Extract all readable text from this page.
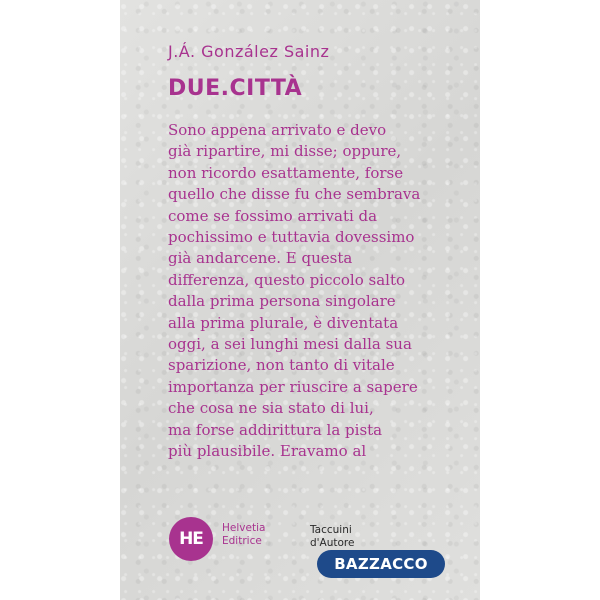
J.Á. González Sainz
DUE.CITTÀ
Sono appena arrivato e devo
già ripartire, mi disse; oppure,
non ricordo esattamente, forse
quello che disse fu che sembrava
come se fossimo arrivati da
pochissimo e tuttavia dovessimo
già andarcene. E questa
differenza, questo piccolo salto
dalla prima persona singolare
alla prima plurale, è diventata
oggi, a sei lunghi mesi dalla sua
sparizione, non tanto di vitale
importanza per riuscire a sapere
che cosa ne sia stato di lui,
ma forse addirittura la pista
più plausibile. Eravamo al
HE
Helvetia
Editrice
Taccuini
d'Autore
BAZZACCO
